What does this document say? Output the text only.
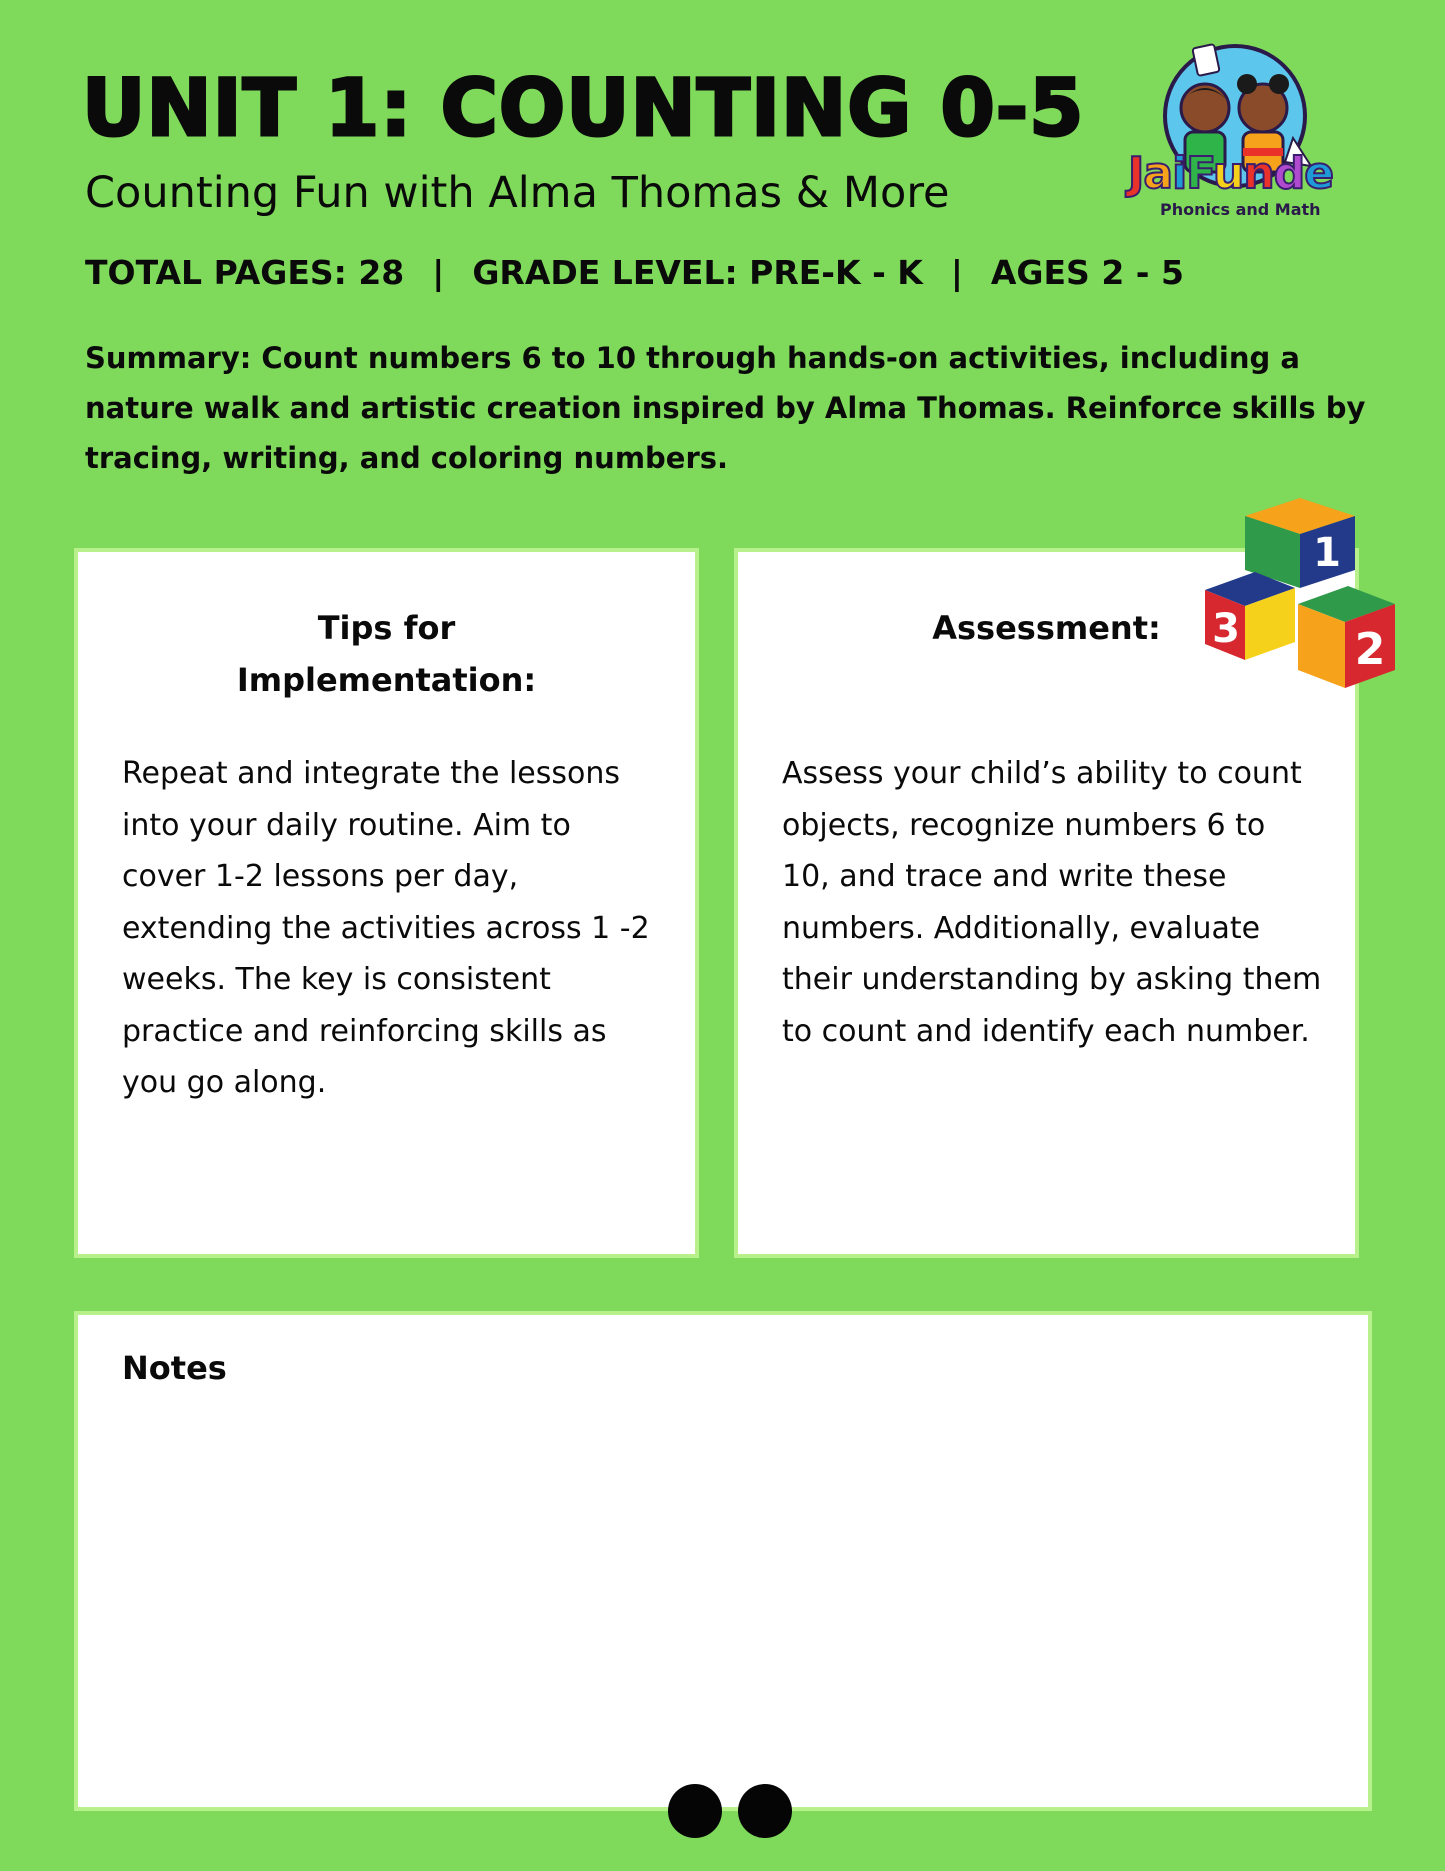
UNIT 1: COUNTING 0-5
Counting Fun with Alma Thomas & More
TOTAL PAGES: 28 | GRADE LEVEL: PRE-K - K | AGES 2 - 5

Summary: Count numbers 6 to 10 through hands-on activities, including a nature walk and artistic creation inspired by Alma Thomas. Reinforce skills by tracing, writing, and coloring numbers.

JaiFunde
Phonics and Math
Tips for Implementation:

Repeat and integrate the lessons into your daily routine. Aim to cover 1-2 lessons per day, extending the activities across 1 -2 weeks. The key is consistent practice and reinforcing skills as you go along.

Assessment:

Assess your child’s ability to count objects, recognize numbers 6 to 10, and trace and write these numbers. Additionally, evaluate their understanding by asking them to count and identify each number.

1
3	2
Notes
